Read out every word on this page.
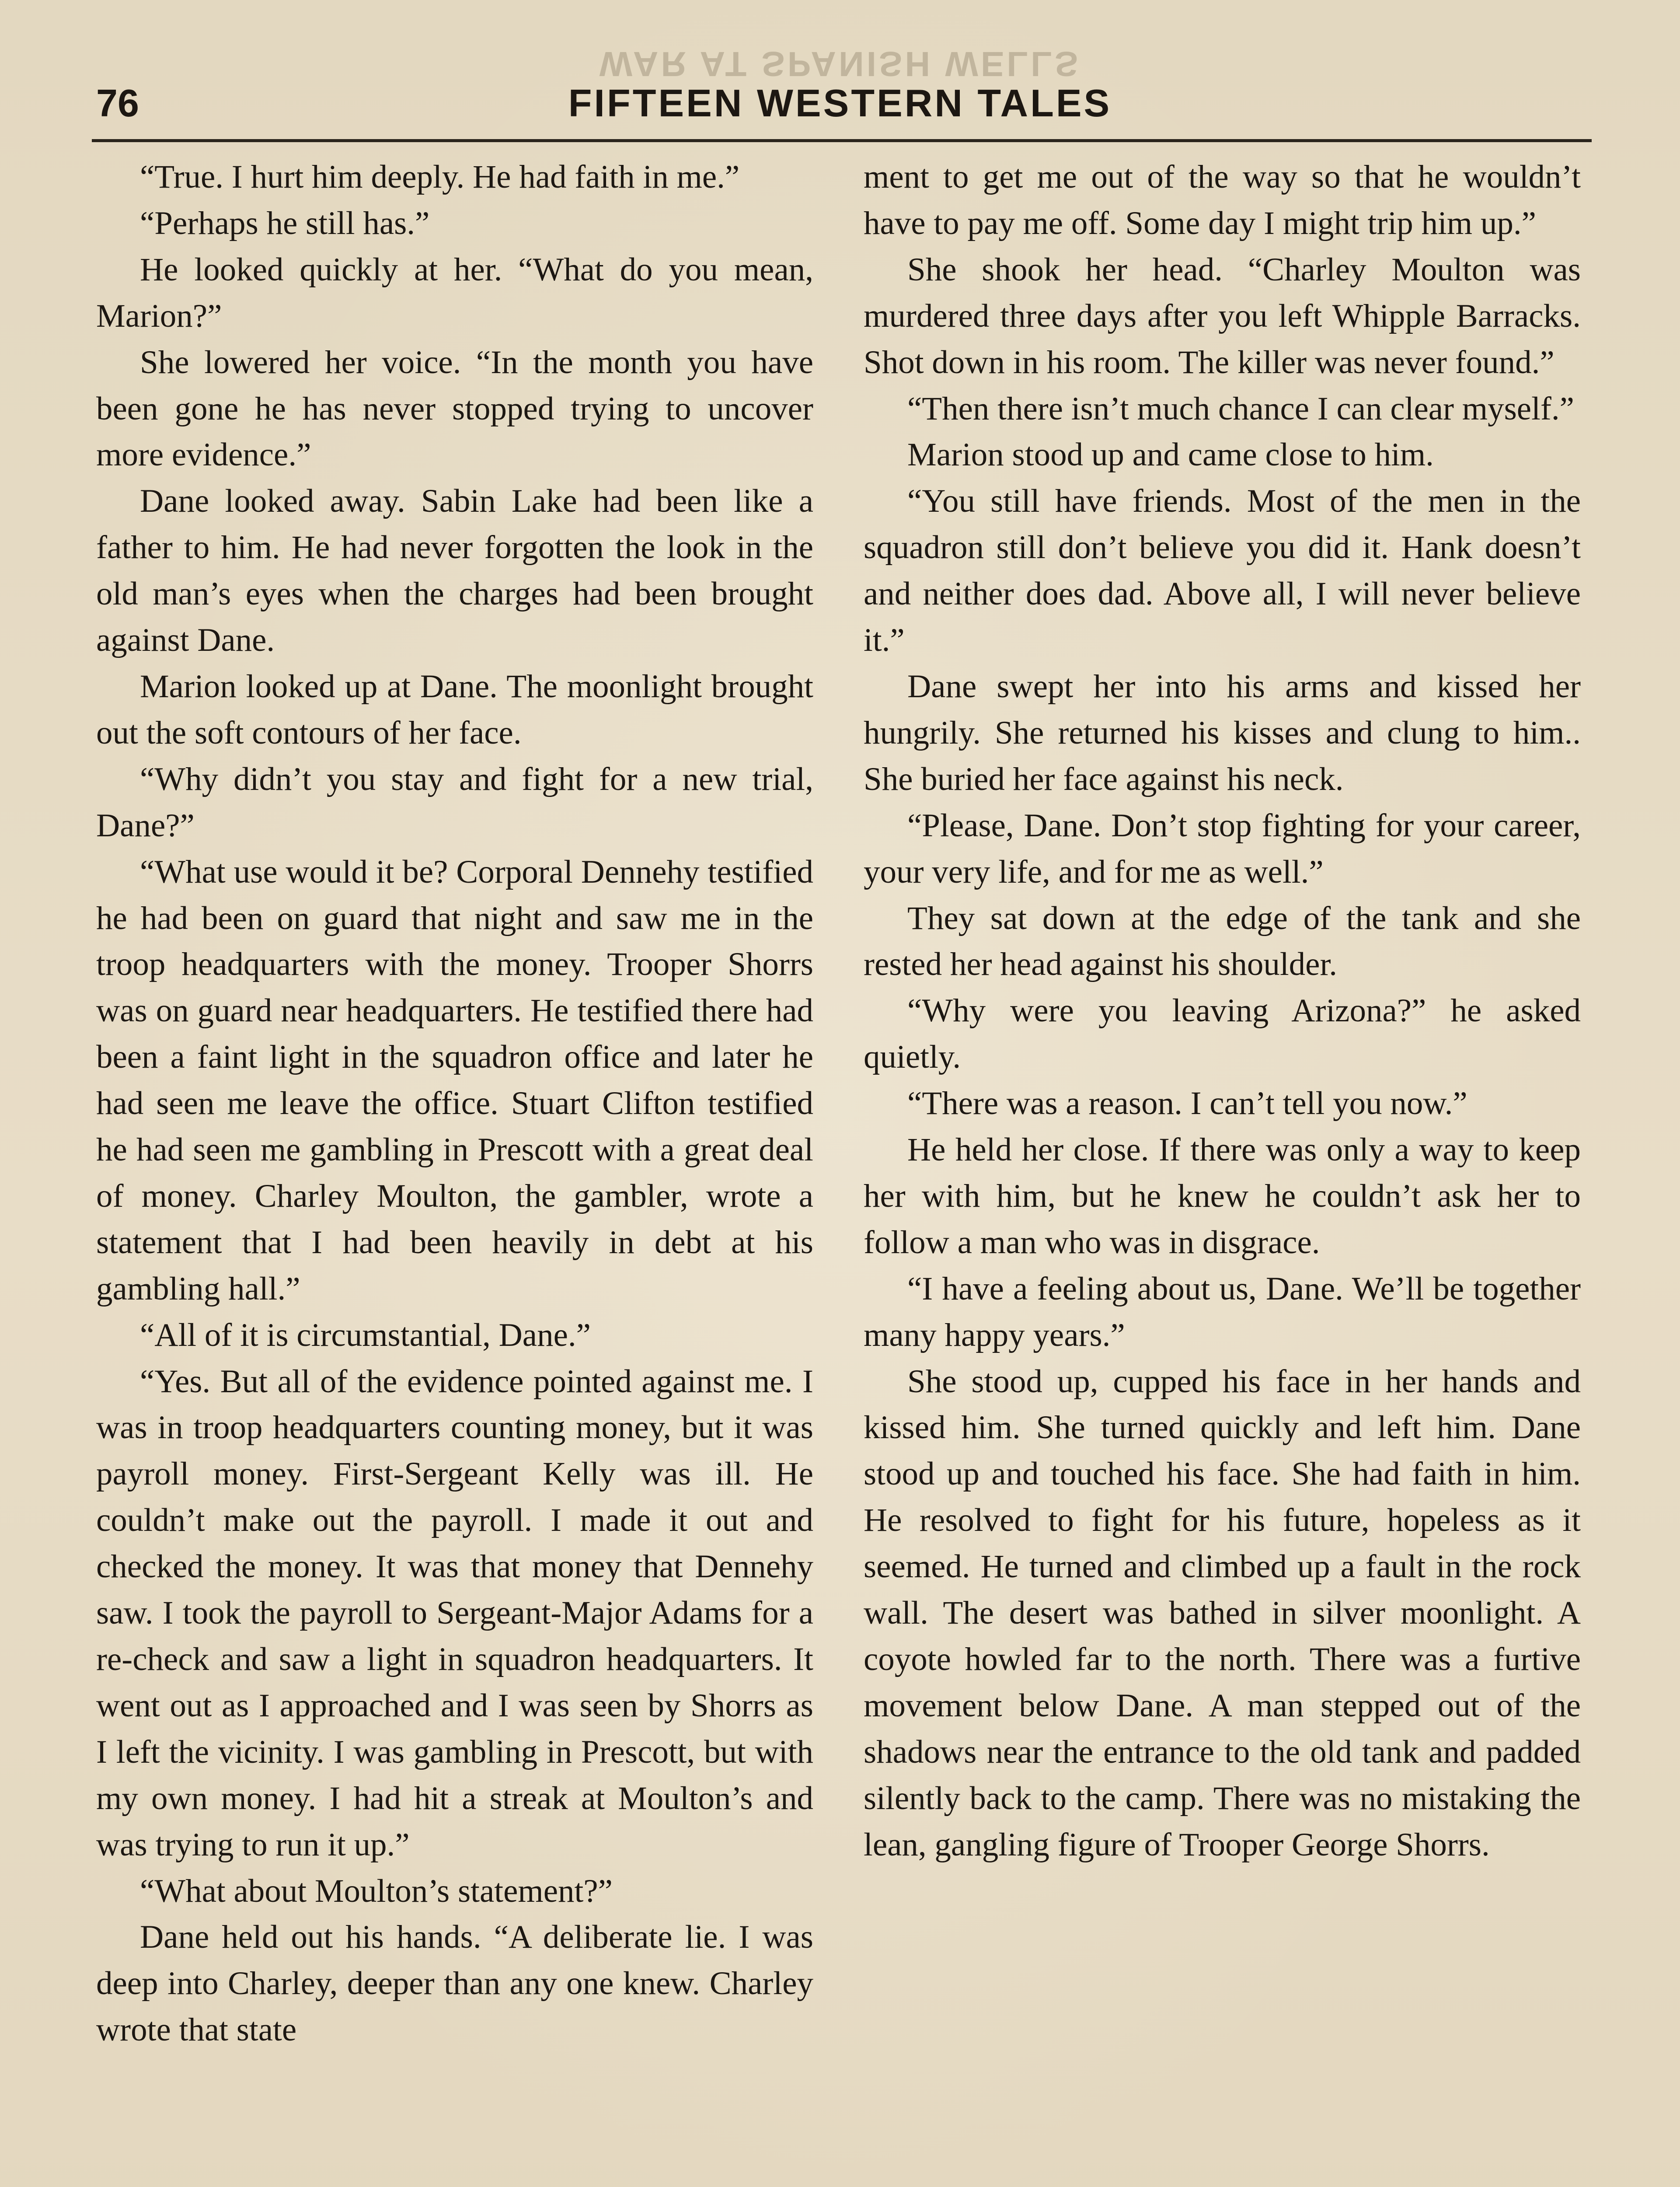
WAR AT SPANISH WELLS
76	FIFTEEN WESTERN TALES

“True. I hurt him deeply. He had faith in me.”

“Perhaps he still has.”

He looked quickly at her. “What do you mean, Marion?”

She lowered her voice. “In the month you have been gone he has never stopped trying to uncover more evidence.”

Dane looked away. Sabin Lake had been like a father to him. He had never forgotten the look in the old man’s eyes when the charges had been brought against Dane.

Marion looked up at Dane. The moonlight brought out the soft contours of her face.

“Why didn’t you stay and fight for a new trial, Dane?”

“What use would it be? Corporal Dennehy testified he had been on guard that night and saw me in the troop headquarters with the money. Trooper Shorrs was on guard near headquarters. He testified there had been a faint light in the squadron office and later he had seen me leave the office. Stuart Clifton testified he had seen me gambling in Prescott with a great deal of money. Charley Moulton, the gambler, wrote a statement that I had been heavily in debt at his gambling hall.”

“All of it is circumstantial, Dane.”

“Yes. But all of the evidence pointed against me. I was in troop headquarters counting money, but it was payroll money. First-Sergeant Kelly was ill. He couldn’t make out the payroll. I made it out and checked the money. It was that money that Dennehy saw. I took the payroll to Sergeant-Major Adams for a re-check and saw a light in squadron headquarters. It went out as I approached and I was seen by Shorrs as I left the vicinity. I was gambling in Prescott, but with my own money. I had hit a streak at Moulton’s and was trying to run it up.”

“What about Moulton’s statement?”

Dane held out his hands. “A deliberate lie. I was deep into Charley, deeper than any one knew. Charley wrote that state

ment to get me out of the way so that he wouldn’t have to pay me off. Some day I might trip him up.”

She shook her head. “Charley Moulton was murdered three days after you left Whipple Barracks. Shot down in his room. The killer was never found.”

“Then there isn’t much chance I can clear myself.”

Marion stood up and came close to him.

“You still have friends. Most of the men in the squadron still don’t believe you did it. Hank doesn’t and neither does dad. Above all, I will never believe it.”

Dane swept her into his arms and kissed her hungrily. She returned his kisses and clung to him.. She buried her face against his neck.

“Please, Dane. Don’t stop fighting for your career, your very life, and for me as well.”

They sat down at the edge of the tank and she rested her head against his shoulder.

“Why were you leaving Arizona?” he asked quietly.

“There was a reason. I can’t tell you now.”

He held her close. If there was only a way to keep her with him, but he knew he couldn’t ask her to follow a man who was in disgrace.

“I have a feeling about us, Dane. We’ll be together many happy years.”

She stood up, cupped his face in her hands and kissed him. She turned quickly and left him. Dane stood up and touched his face. She had faith in him. He resolved to fight for his future, hopeless as it seemed. He turned and climbed up a fault in the rock wall. The desert was bathed in silver moonlight. A coyote howled far to the north. There was a furtive movement below Dane. A man stepped out of the shadows near the entrance to the old tank and padded silently back to the camp. There was no mistaking the lean, gangling figure of Trooper George Shorrs.
